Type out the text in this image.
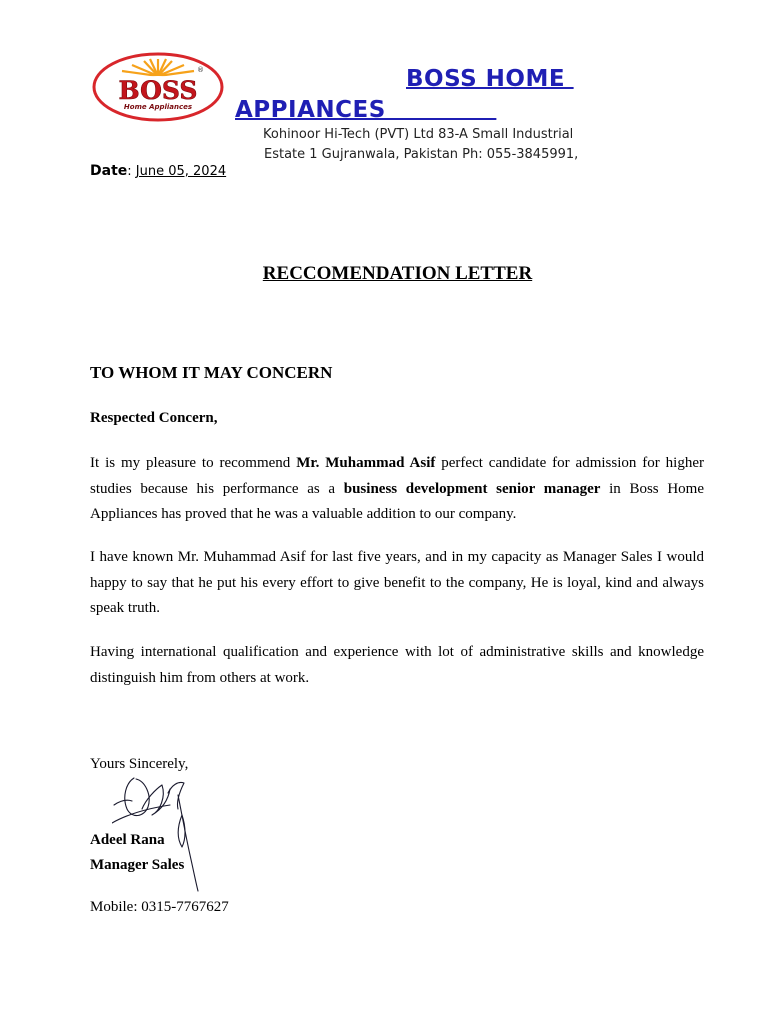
BOSS
Home Appliances
®	BOSS HOME
APPIANCES
Kohinoor Hi-Tech (PVT) Ltd 83-A Small Industrial
Estate 1 Gujranwala, Pakistan Ph: 055-3845991,
Date: June 05, 2024
RECCOMENDATION LETTER
TO WHOM IT MAY CONCERN
Respected Concern,
It is my pleasure to recommend Mr. Muhammad Asif perfect candidate for admission for higher studies because his performance as a business development senior manager in Boss Home Appliances has proved that he was a valuable addition to our company.
I have known Mr. Muhammad Asif for last five years, and in my capacity as Manager Sales I would happy to say that he put his every effort to give benefit to the company, He is loyal, kind and always speak truth.
Having international qualification and experience with lot of administrative skills and knowledge distinguish him from others at work.
Yours Sincerely,
Adeel Rana
Manager Sales
Mobile: 0315-7767627
